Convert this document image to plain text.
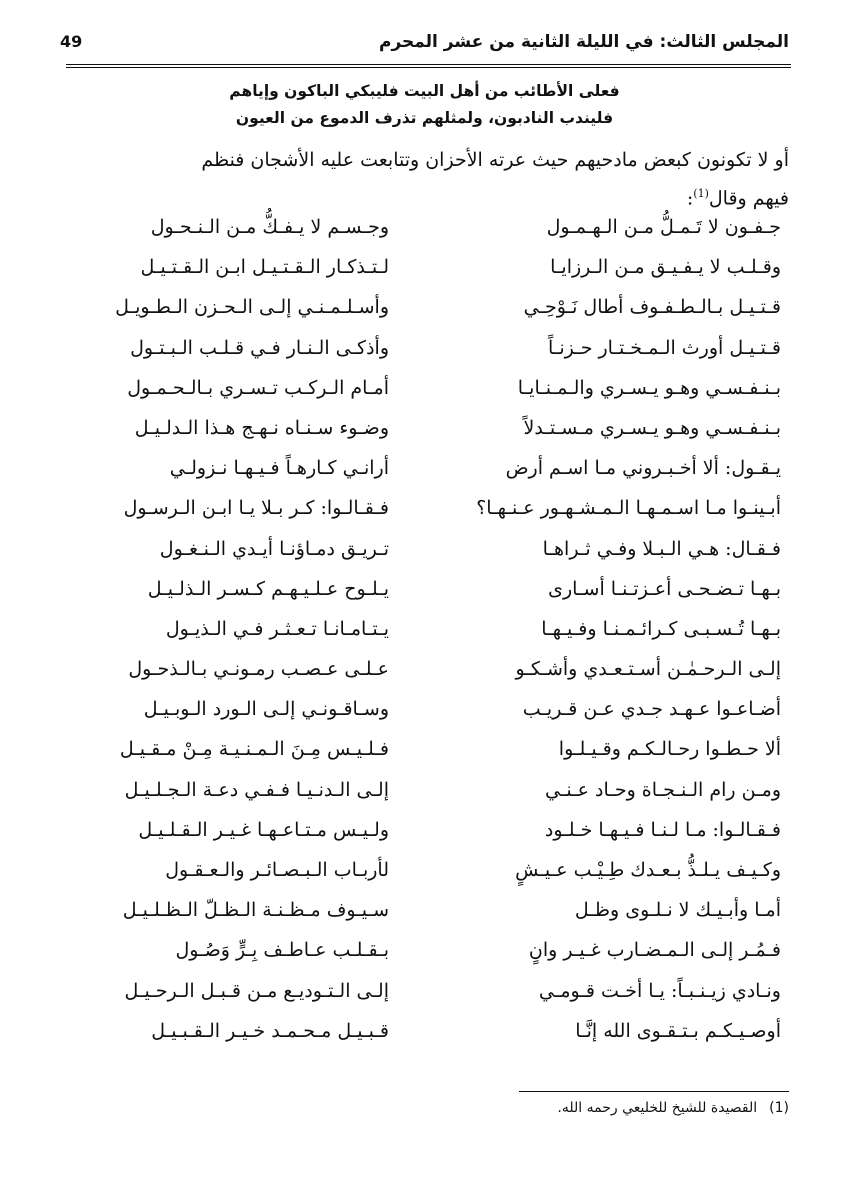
المجلس الثالث: في الليلة الثانية من عشر المحرم
49
فعلى الأطائب من أهل البيت فليبكي الباكون وإياهم
فليندب النادبون، ولمثلهم تذرف الدموع من العيون
أو لا تكونون كبعض مادحيهم حيث عرته الأحزان وتتابعت عليه الأشجان فنظم
فيهم وقال$^{(1)}$:
جـفـون لا تَـمـلُّ مـن الـهـمـول
وجـسـم لا يـفـكُّ مـن الـنـحـول
وقـلـب لا يـفـيـق مـن الـرزايـا
لـتـذكـار الـقـتـيـل ابـن الـقـتـيـل
قـتـيـل بـالـطـفـوف أطال نَـوْحِـي
وأسـلـمـنـي إلـى الـحـزن الـطـويـل
قـتـيـل أورث الـمـخـتـار حـزنـاً
وأذكـى الـنـار فـي قـلـب الـبـتـول
بـنـفـسـي وهـو يـسـري والـمـنـايـا
أمـام الـركـب تـسـري بـالـحـمـول
بـنـفـسـي وهـو يـسـري مـسـتـدلاً
وضـوء سـنـاه نـهـج هـذا الـدلـيـل
يـقـول: ألا أخـبـروني مـا اسـم أرض
أرانـي كـارهـاً فـيـهـا نـزولـي
أبـينـوا مـا اسـمـهـا الـمـشـهـور عـنـهـا؟
فـقـالـوا: كـر بـلا يـا ابـن الـرسـول
فـقـال: هـي الـبـلا وفـي ثـراهـا
تـريـق دمـاؤنـا أيـدي الـنـغـول
بـهـا تـضـحـى أعـزتـنـا أسـارى
يـلـوح عـلـيـهـم كـسـر الـذلـيـل
بـهـا تُـسـبـى كـرائـمـنـا وفـيـهـا
يـتـامـانـا تـعـثـر فـي الـذيـول
إلـى الـرحـمٰـن أسـتـعـدي وأشـكـو
عـلـى عـصـب رمـونـي بـالـذحـول
أضـاعـوا عـهـد جـدي عـن قـريـب
وسـاقـونـي إلـى الـورد الـوبـيـل
ألا حـطـوا رحـالـكـم وقـيـلـوا
فـلـيـس مِـنَ الـمـنـيـة مِـنْ مـقـيـل
ومـن رام الـنـجـاة وحـاد عـنـي
إلـى الـدنـيـا فـفـي دعـة الـجـلـيـل
فـقـالـوا: مـا لـنـا فـيـهـا خـلـود
ولـيـس مـتـاعـهـا غـيـر الـقـلـيـل
وكـيـف يـلـذُّ بـعـدك طِـيْـب عـيـشٍ
لأربـاب الـبـصـائـر والـعـقـول
أمـا وأبـيـك لا نـلـوى وظـل
سـيـوف مـظـنـة الـظـلّ الـظـلـيـل
فـمُـر إلـى الـمـضـارب غـيـر وانٍ
بـقـلـب عـاطـف بِـرٍّ وَصُـول
ونـادي زيـنـبـاً: يـا أخـت قـومـي
إلـى الـتـوديـع مـن قـبـل الـرحـيـل
أوصـيـكـم بـتـقـوى الله إنَّـا
قـبـيـل مـحـمـد خـيـر الـقـبـيـل
(1)القصيدة للشيخ للخليعي رحمه الله.
